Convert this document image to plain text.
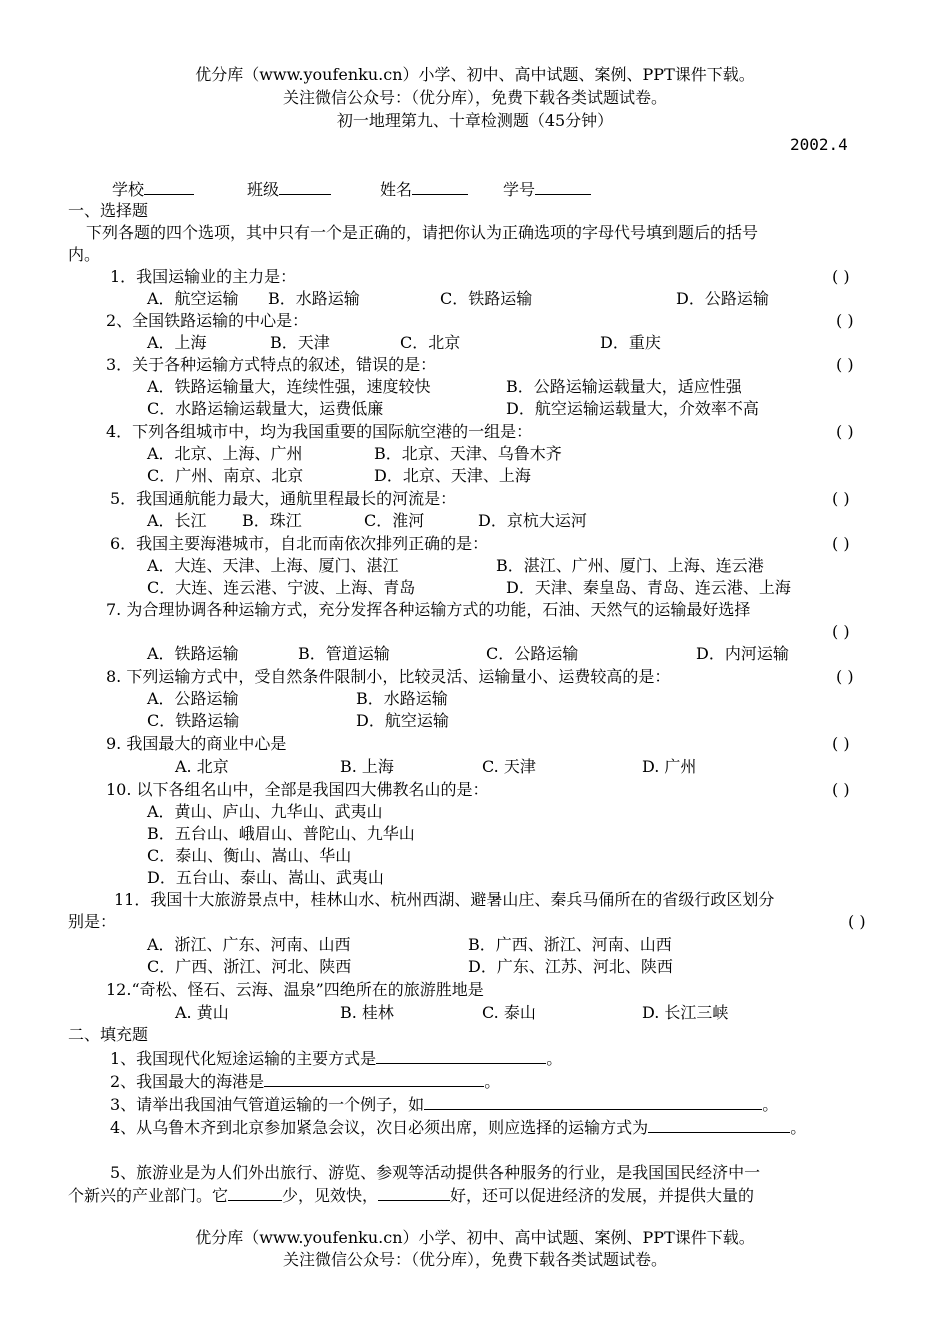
优分库（www.youfenku.cn）小学、初中、高中试题、案例、PPT课件下载。
关注微信公众号：（优分库），免费下载各类试题试卷。
初一地理第九、十章检测题（45分钟）
2002.4
学校	班级	姓名	学号
一、选择题
下列各题的四个选项，其中只有一个是正确的，请把你认为正确选项的字母代号填到题后的括号
内。
1．我国运输业的主力是：	( )
A．航空运输 B．水路运输	C．铁路运输	D．公路运输
2、全国铁路运输的中心是：	( )
A．上海	B．天津	C．北京	D．重庆
3．关于各种运输方式特点的叙述，错误的是：	( )
A．铁路运输量大，连续性强，速度较快	B．公路运输运载量大，适应性强
C．水路运输运载量大，运费低廉	D．航空运输运载量大，介效率不高
4．下列各组城市中，均为我国重要的国际航空港的一组是：	( )
A．北京、上海、广州	B．北京、天津、乌鲁木齐
C．广州、南京、北京	D．北京、天津、上海
5．我国通航能力最大，通航里程最长的河流是：	( )
A．长江 B．珠江	C．淮河	D．京杭大运河
6．我国主要海港城市，自北而南依次排列正确的是：	( )
A．大连、天津、上海、厦门、湛江	B．湛江、广州、厦门、上海、连云港
C．大连、连云港、宁波、上海、青岛	D．天津、秦皇岛、青岛、连云港、上海
7. 为合理协调各种运输方式，充分发挥各种运输方式的功能，石油、天然气的运输最好选择
( )
A．铁路运输	B．管道运输	C．公路运输	D．内河运输
8. 下列运输方式中，受自然条件限制小，比较灵活、运输量小、运费较高的是：	( )
A．公路运输	B．水路运输
C．铁路运输	D．航空运输
9. 我国最大的商业中心是	( )
A. 北京	B. 上海	C. 天津	D. 广州
10. 以下各组名山中，全部是我国四大佛教名山的是：	( )
A．黄山、庐山、九华山、武夷山
B．五台山、峨眉山、普陀山、九华山
C．泰山、衡山、嵩山、华山
D．五台山、泰山、嵩山、武夷山
11．我国十大旅游景点中，桂林山水、杭州西湖、避暑山庄、秦兵马俑所在的省级行政区划分
别是：	( )
A．浙江、广东、河南、山西	B．广西、浙江、河南、山西
C．广西、浙江、河北、陕西	D．广东、江苏、河北、陕西
12.“奇松、怪石、云海、温泉”四绝所在的旅游胜地是
A. 黄山	B. 桂林	C. 泰山	D. 长江三峡
二、填充题
1、我国现代化短途运输的主要方式是	。
2、我国最大的海港是	。
3、请举出我国油气管道运输的一个例子，如	。
4、从乌鲁木齐到北京参加紧急会议，次日必须出席，则应选择的运输方式为	。
5、旅游业是为人们外出旅行、游览、参观等活动提供各种服务的行业，是我国国民经济中一
个新兴的产业部门。它	少，见效快，	好，还可以促进经济的发展，并提供大量的
优分库（www.youfenku.cn）小学、初中、高中试题、案例、PPT课件下载。
关注微信公众号：（优分库），免费下载各类试题试卷。
